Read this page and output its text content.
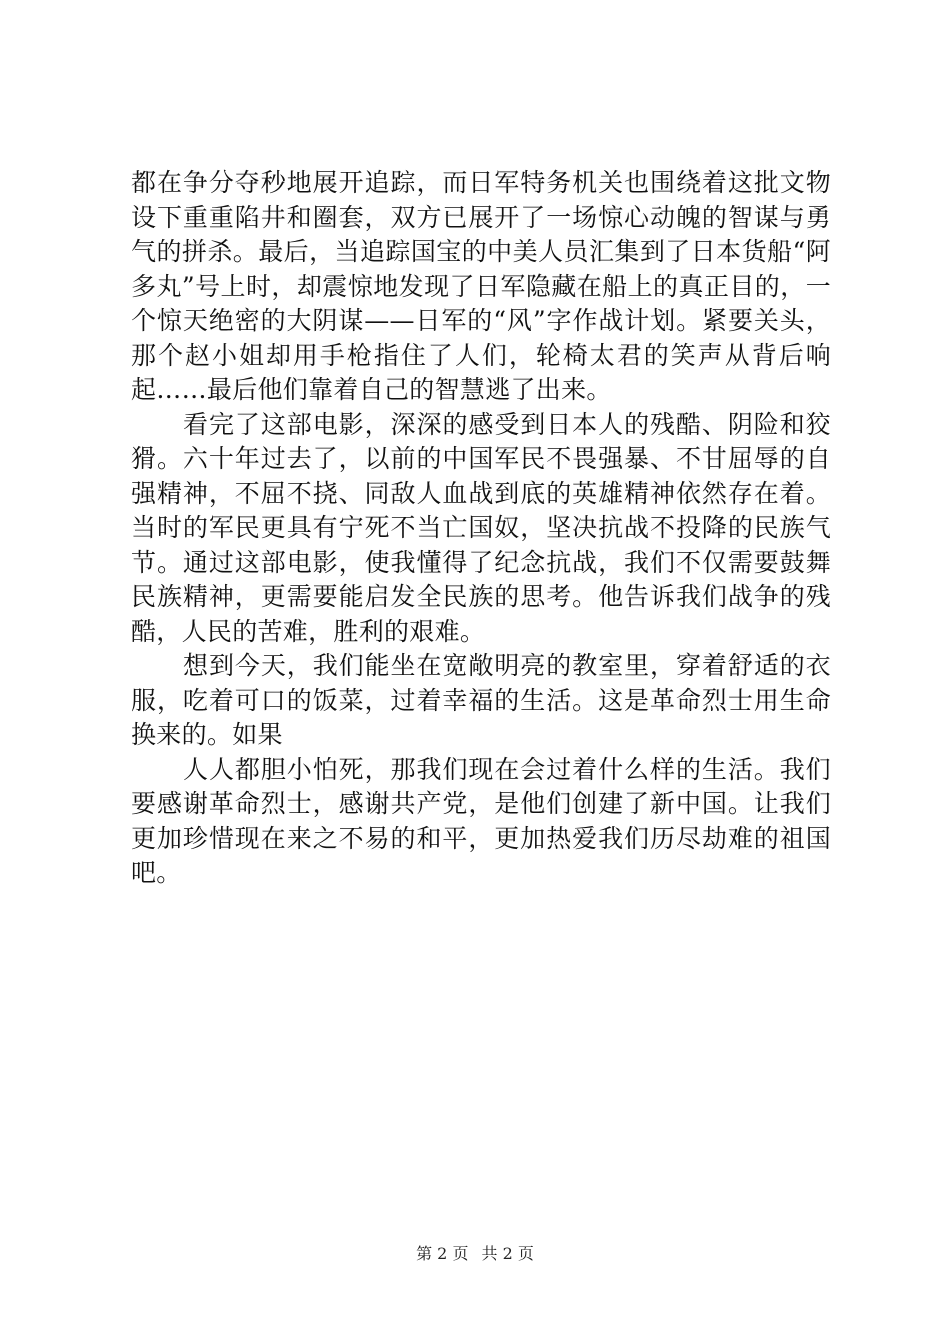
都在争分夺秒地展开追踪，而日军特务机关也围绕着这批文物设下重重陷井和圈套，双方已展开了一场惊心动魄的智谋与勇气的拼杀。最后，当追踪国宝的中美人员汇集到了日本货船“阿多丸”号上时，却震惊地发现了日军隐藏在船上的真正目的，一个惊天绝密的大阴谋——日军的“风”字作战计划。紧要关头，那个赵小姐却用手枪指住了人们，轮椅太君的笑声从背后响起……最后他们靠着自己的智慧逃了出来。

看完了这部电影，深深的感受到日本人的残酷、阴险和狡猾。六十年过去了，以前的中国军民不畏强暴、不甘屈辱的自强精神，不屈不挠、同敌人血战到底的英雄精神依然存在着。当时的军民更具有宁死不当亡国奴，坚决抗战不投降的民族气节。通过这部电影，使我懂得了纪念抗战，我们不仅需要鼓舞民族精神，更需要能启发全民族的思考。他告诉我们战争的残酷，人民的苦难，胜利的艰难。

想到今天，我们能坐在宽敞明亮的教室里，穿着舒适的衣服，吃着可口的饭菜，过着幸福的生活。这是革命烈士用生命换来的。如果

人人都胆小怕死，那我们现在会过着什么样的生活。我们要感谢革命烈士，感谢共产党，是他们创建了新中国。让我们更加珍惜现在来之不易的和平，更加热爱我们历尽劫难的祖国吧。

第 2 页 共 2 页
